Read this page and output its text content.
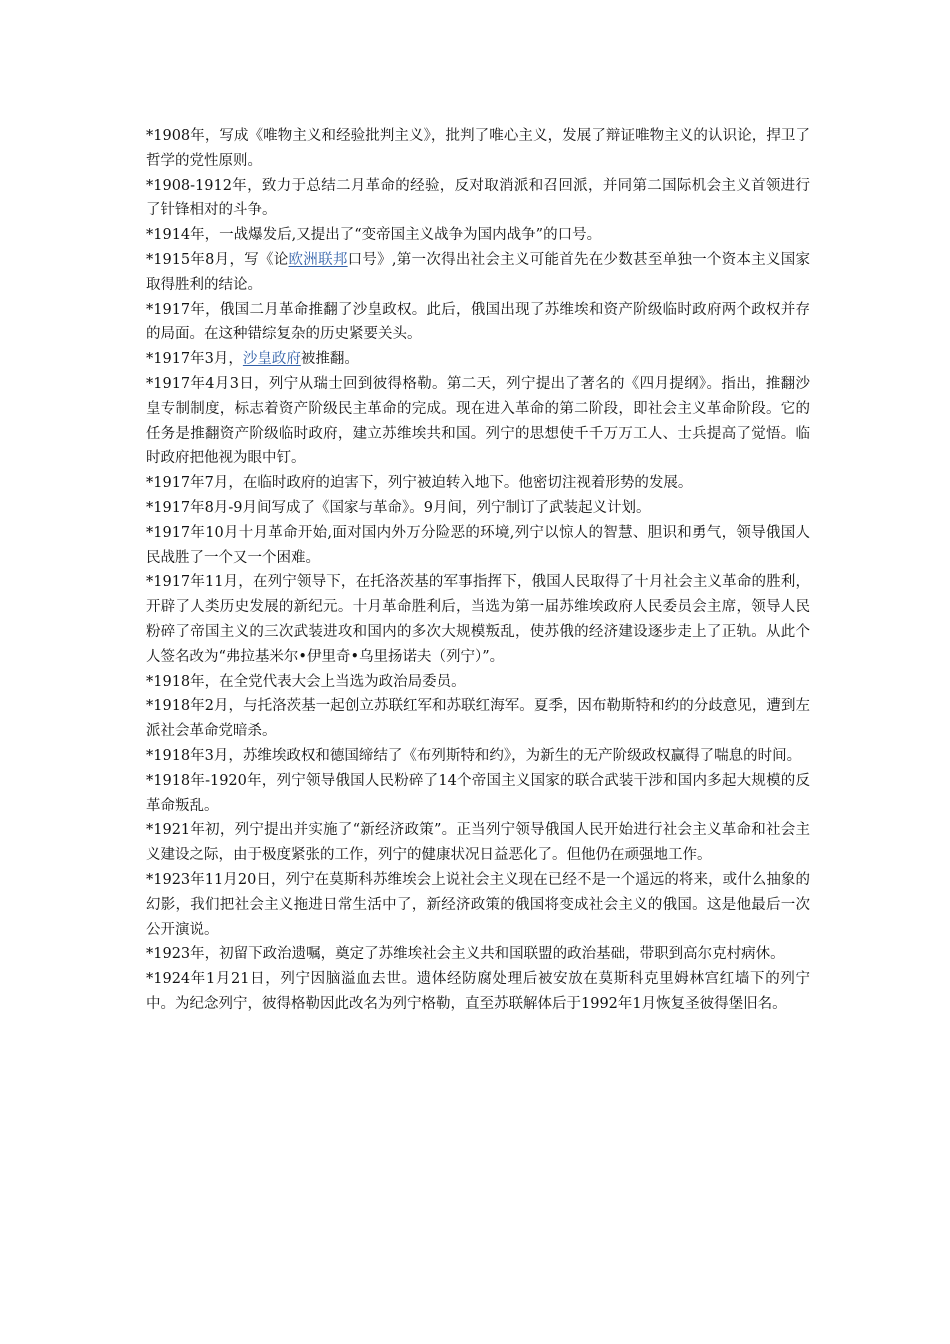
*1908年，写成《唯物主义和经验批判主义》，批判了唯心主义，发展了辩证唯物主义的认识论，捍卫了哲学的党性原则。

*1908-1912年，致力于总结二月革命的经验，反对取消派和召回派，并同第二国际机会主义首领进行了针锋相对的斗争。

*1914年，一战爆发后,又提出了“变帝国主义战争为国内战争”的口号。

*1915年8月，写《论欧洲联邦口号》,第一次得出社会主义可能首先在少数甚至单独一个资本主义国家取得胜利的结论。

*1917年，俄国二月革命推翻了沙皇政权。此后，俄国出现了苏维埃和资产阶级临时政府两个政权并存的局面。在这种错综复杂的历史紧要关头。

*1917年3月，沙皇政府被推翻。

*1917年4月3日，列宁从瑞士回到彼得格勒。第二天，列宁提出了著名的《四月提纲》。指出，推翻沙皇专制制度，标志着资产阶级民主革命的完成。现在进入革命的第二阶段，即社会主义革命阶段。它的任务是推翻资产阶级临时政府，建立苏维埃共和国。列宁的思想使千千万万工人、士兵提高了觉悟。临时政府把他视为眼中钉。

*1917年7月，在临时政府的迫害下，列宁被迫转入地下。他密切注视着形势的发展。

*1917年8月-9月间写成了《国家与革命》。9月间，列宁制订了武装起义计划。

*1917年10月十月革命开始,面对国内外万分险恶的环境,列宁以惊人的智慧、胆识和勇气，领导俄国人民战胜了一个又一个困难。

*1917年11月，在列宁领导下，在托洛茨基的军事指挥下，俄国人民取得了十月社会主义革命的胜利，开辟了人类历史发展的新纪元。十月革命胜利后，当选为第一届苏维埃政府人民委员会主席，领导人民粉碎了帝国主义的三次武装进攻和国内的多次大规模叛乱，使苏俄的经济建设逐步走上了正轨。从此个人签名改为“弗拉基米尔•伊里奇•乌里扬诺夫（列宁）”。

*1918年，在全党代表大会上当选为政治局委员。

*1918年2月，与托洛茨基一起创立苏联红军和苏联红海军。夏季，因布勒斯特和约的分歧意见，遭到左派社会革命党暗杀。

*1918年3月，苏维埃政权和德国缔结了《布列斯特和约》，为新生的无产阶级政权赢得了喘息的时间。

*1918年-1920年，列宁领导俄国人民粉碎了14个帝国主义国家的联合武装干涉和国内多起大规模的反革命叛乱。

*1921年初，列宁提出并实施了“新经济政策”。正当列宁领导俄国人民开始进行社会主义革命和社会主义建设之际，由于极度紧张的工作，列宁的健康状况日益恶化了。但他仍在顽强地工作。

*1923年11月20日，列宁在莫斯科苏维埃会上说社会主义现在已经不是一个遥远的将来，或什么抽象的幻影，我们把社会主义拖进日常生活中了，新经济政策的俄国将变成社会主义的俄国。这是他最后一次公开演说。

*1923年，初留下政治遗嘱，奠定了苏维埃社会主义共和国联盟的政治基础，带职到高尔克村病休。

*1924年1月21日，列宁因脑溢血去世。遗体经防腐处理后被安放在莫斯科克里姆林宫红墙下的列宁中。为纪念列宁，彼得格勒因此改名为列宁格勒，直至苏联解体后于1992年1月恢复圣彼得堡旧名。
